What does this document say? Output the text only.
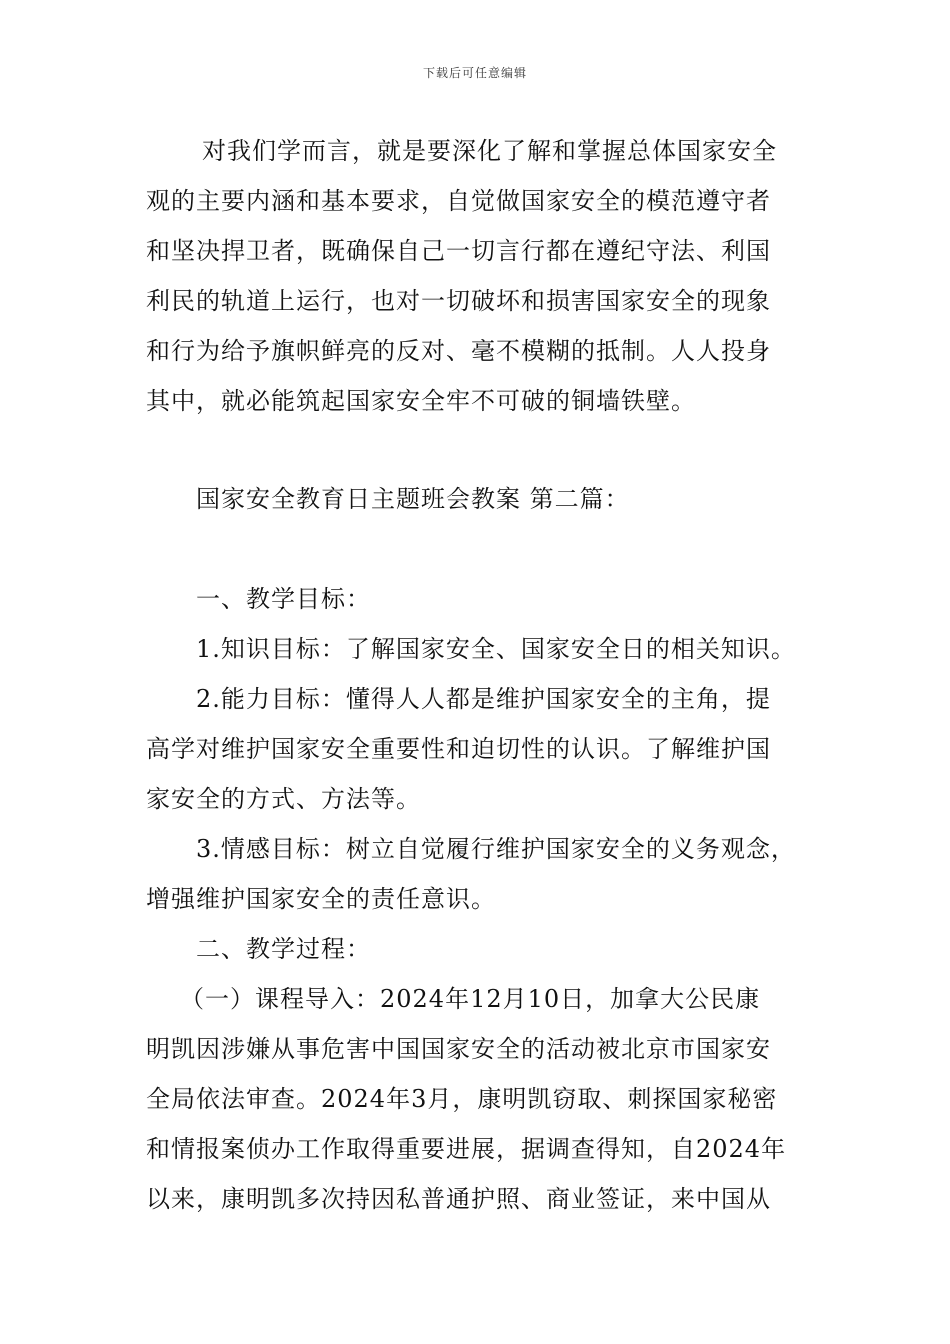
下载后可任意编辑
对我们学而言，就是要深化了解和掌握总体国家安全
观的主要内涵和基本要求，自觉做国家安全的模范遵守者
和坚决捍卫者，既确保自己一切言行都在遵纪守法、利国
利民的轨道上运行，也对一切破坏和损害国家安全的现象
和行为给予旗帜鲜亮的反对、毫不模糊的抵制。人人投身
其中，就必能筑起国家安全牢不可破的铜墙铁壁。
国家安全教育日主题班会教案 第二篇：
一、教学目标：
1.知识目标：了解国家安全、国家安全日的相关知识。
2.能力目标：懂得人人都是维护国家安全的主角，提
高学对维护国家安全重要性和迫切性的认识。了解维护国
家安全的方式、方法等。
3.情感目标：树立自觉履行维护国家安全的义务观念，
增强维护国家安全的责任意识。
二、教学过程：
（一）课程导入：2024年12月10日，加拿大公民康
明凯因涉嫌从事危害中国国家安全的活动被北京市国家安
全局依法审查。2024年3月，康明凯窃取、刺探国家秘密
和情报案侦办工作取得重要进展，据调查得知，自2024年
以来，康明凯多次持因私普通护照、商业签证，来中国从
